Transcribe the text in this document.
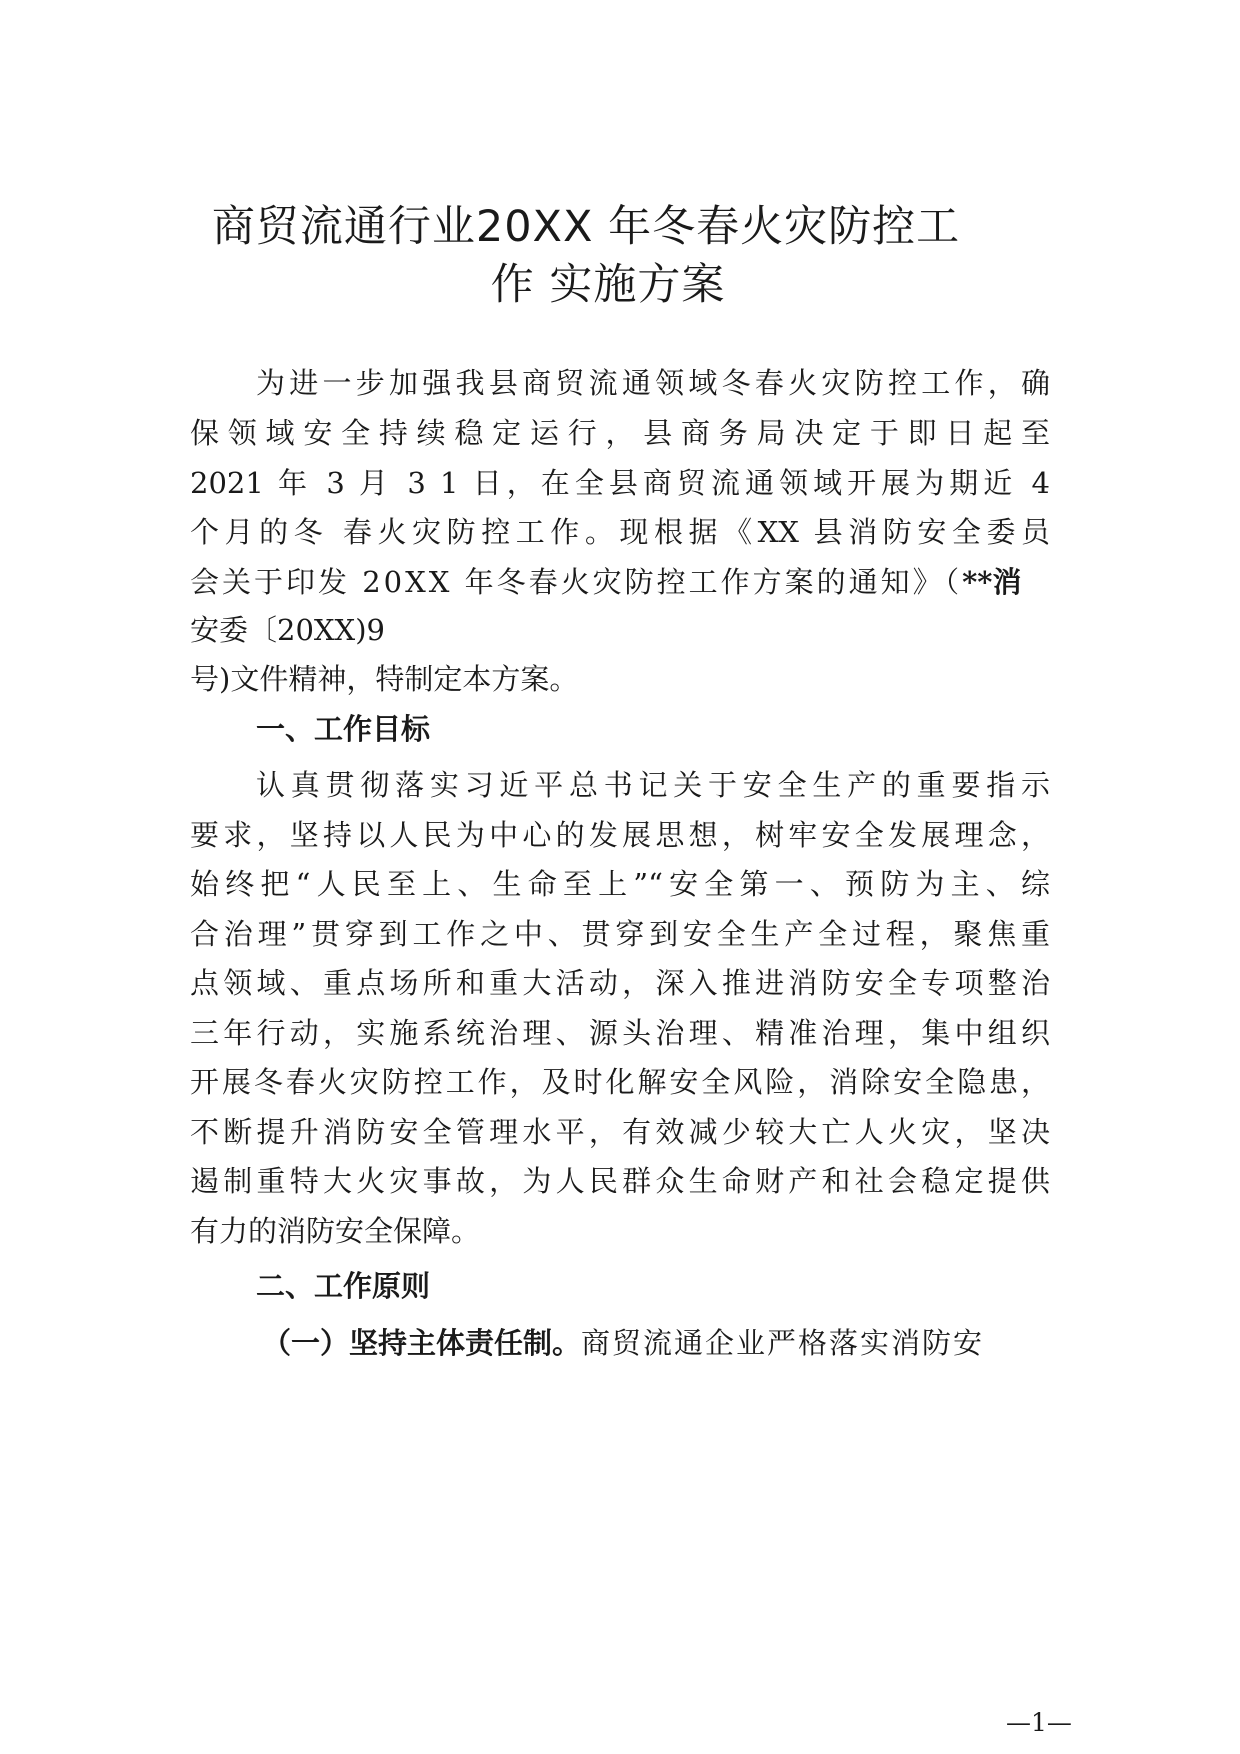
商贸流通行业20XX 年冬春火灾防控工
作 实施方案
为进一步加强我县商贸流通领域冬春火灾防控工作，确
保领域安全持续稳定运行，县商务局决定于即日起至
2021 年 3 月 3 1 日，在全县商贸流通领域开展为期近 4
个月的冬 春火灾防控工作。现根据《XX 县消防安全委员
会关于印发 20XX 年冬春火灾防控工作方案的通知》（**消
安委〔20XX)9
号)文件精神，特制定本方案。
一、工作目标
认真贯彻落实习近平总书记关于安全生产的重要指示
要求，坚持以人民为中心的发展思想，树牢安全发展理念，
始终把“人民至上、生命至上”“安全第一、预防为主、综
合治理”贯穿到工作之中、贯穿到安全生产全过程，聚焦重
点领域、重点场所和重大活动，深入推进消防安全专项整治
三年行动，实施系统治理、源头治理、精准治理，集中组织
开展冬春火灾防控工作，及时化解安全风险，消除安全隐患，
不断提升消防安全管理水平，有效减少较大亡人火灾，坚决
遏制重特大火灾事故，为人民群众生命财产和社会稳定提供
有力的消防安全保障。
二、工作原则
（一）坚持主体责任制。商贸流通企业严格落实消防安
—1—
